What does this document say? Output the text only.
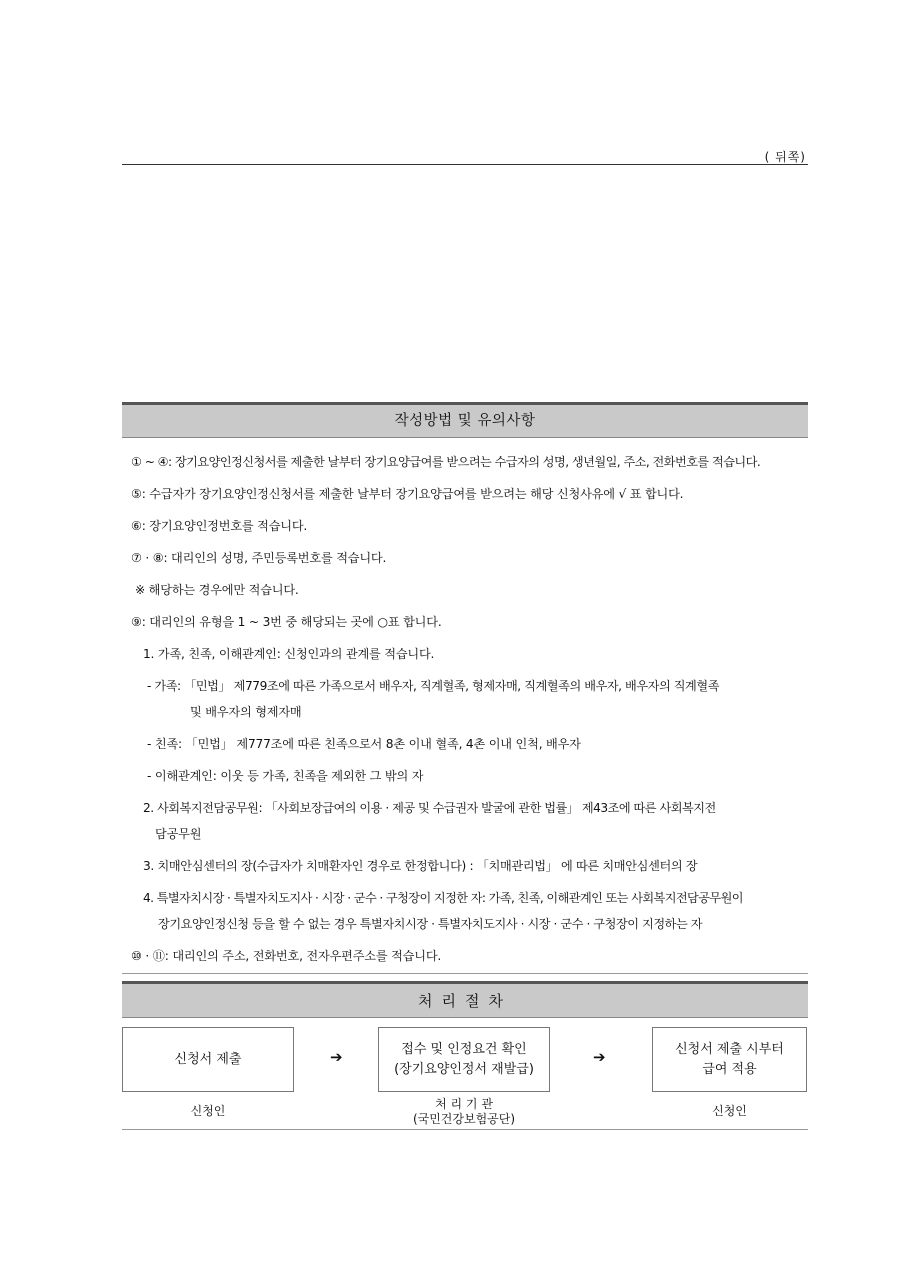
( 뒤쪽)
작성방법 및 유의사항
① ~ ④: 장기요양인정신청서를 제출한 날부터 장기요양급여를 받으려는 수급자의 성명, 생년월일, 주소, 전화번호를 적습니다.
⑤: 수급자가 장기요양인정신청서를 제출한 날부터 장기요양급여를 받으려는 해당 신청사유에 √ 표 합니다.
⑥: 장기요양인정번호를 적습니다.
⑦ · ⑧: 대리인의 성명, 주민등록번호를 적습니다.
※ 해당하는 경우에만 적습니다.
⑨: 대리인의 유형을 1 ~ 3번 중 해당되는 곳에 ○표 합니다.
1. 가족, 친족, 이해관계인: 신청인과의 관계를 적습니다.
- 가족: 「민법」 제779조에 따른 가족으로서 배우자, 직계혈족, 형제자매, 직계혈족의 배우자, 배우자의 직계혈족
및 배우자의 형제자매
- 친족: 「민법」 제777조에 따른 친족으로서 8촌 이내 혈족, 4촌 이내 인척, 배우자
- 이해관계인: 이웃 등 가족, 친족을 제외한 그 밖의 자
2. 사회복지전담공무원: 「사회보장급여의 이용 · 제공 및 수급권자 발굴에 관한 법률」 제43조에 따른 사회복지전
담공무원
3. 치매안심센터의 장(수급자가 치매환자인 경우로 한정합니다) : 「치매관리법」 에 따른 치매안심센터의 장
4. 특별자치시장 · 특별자치도지사 · 시장 · 군수 · 구청장이 지정한 자: 가족, 친족, 이해관계인 또는 사회복지전담공무원이
장기요양인정신청 등을 할 수 없는 경우 특별자치시장 · 특별자치도지사 · 시장 · 군수 · 구청장이 지정하는 자
⑩ · ⑪: 대리인의 주소, 전화번호, 전자우편주소를 적습니다.
처리절차
신청서 제출	➔	접수 및 인정요건 확인
(장기요양인정서 재발급)
➔	신청서 제출 시부터
급여 적용
신청인	처 리 기 관
(국민건강보험공단)
신청인
